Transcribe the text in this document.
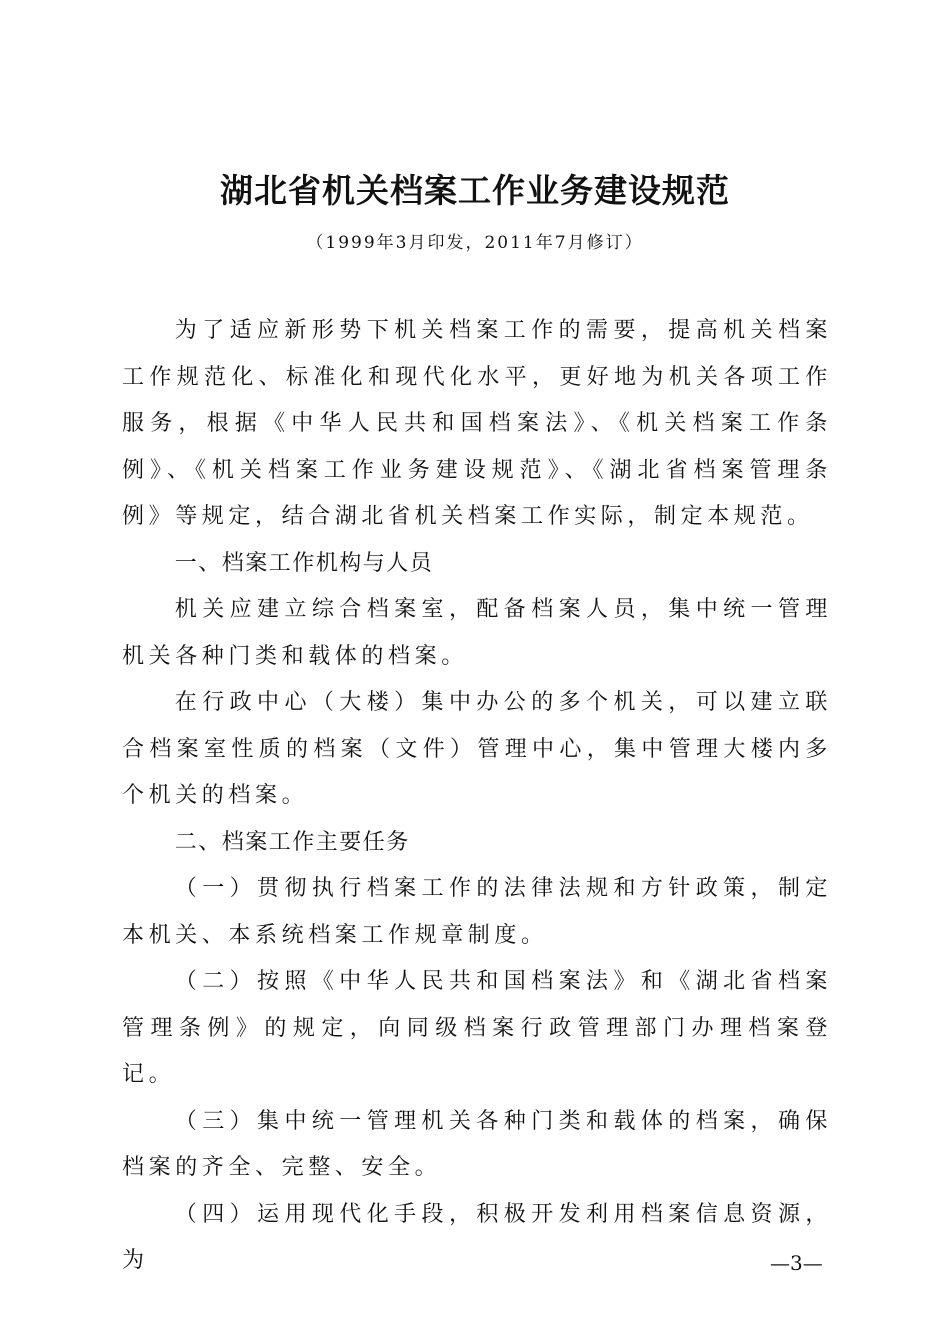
湖北省机关档案工作业务建设规范
（1999年3月印发，2011年7月修订）

为了适应新形势下机关档案工作的需要，提高机关档案工作规范化、标准化和现代化水平，更好地为机关各项工作服务，根据《中华人民共和国档案法》、《机关档案工作条例》、《机关档案工作业务建设规范》、《湖北省档案管理条例》等规定，结合湖北省机关档案工作实际，制定本规范。

一、档案工作机构与人员

机关应建立综合档案室，配备档案人员，集中统一管理机关各种门类和载体的档案。

在行政中心（大楼）集中办公的多个机关，可以建立联合档案室性质的档案（文件）管理中心，集中管理大楼内多个机关的档案。

二、档案工作主要任务

（一）贯彻执行档案工作的法律法规和方针政策，制定本机关、本系统档案工作规章制度。

（二）按照《中华人民共和国档案法》和《湖北省档案管理条例》的规定，向同级档案行政管理部门办理档案登记。

（三）集中统一管理机关各种门类和载体的档案，确保档案的齐全、完整、安全。

（四）运用现代化手段，积极开发利用档案信息资源，为	—3—
